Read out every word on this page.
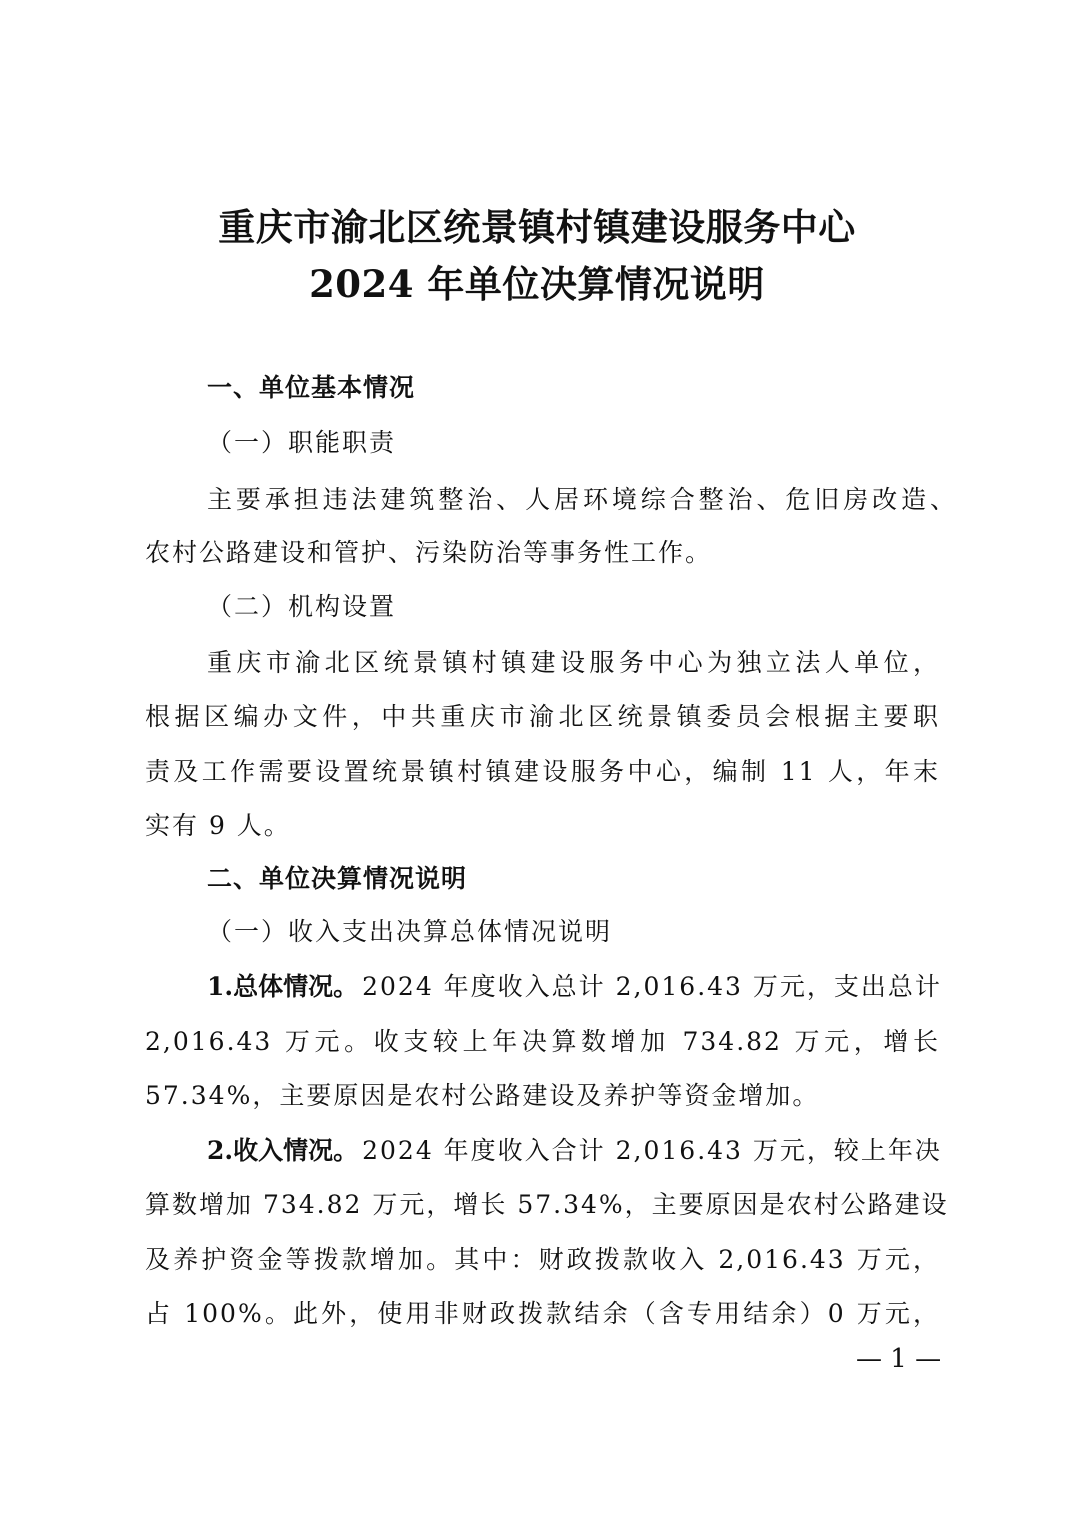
重庆市渝北区统景镇村镇建设服务中心
2024 年单位决算情况说明
一、单位基本情况
（一）职能职责
主要承担违法建筑整治、人居环境综合整治、危旧房改造、
农村公路建设和管护、污染防治等事务性工作。
（二）机构设置
重庆市渝北区统景镇村镇建设服务中心为独立法人单位，
根据区编办文件，中共重庆市渝北区统景镇委员会根据主要职
责及工作需要设置统景镇村镇建设服务中心，编制 11 人，年末
实有 9 人。
二、单位决算情况说明
（一）收入支出决算总体情况说明
1.总体情况。 2024 年度收入总计 2,016.43 万元，支出总计
2,016.43 万元。收支较上年决算数增加 734.82 万元，增长
57.34%，主要原因是农村公路建设及养护等资金增加。
2.收入情况。 2024 年度收入合计 2,016.43 万元，较上年决
算数增加 734.82 万元，增长 57.34%，主要原因是农村公路建设
及养护资金等拨款增加。其中：财政拨款收入 2,016.43 万元，
占 100%。此外，使用非财政拨款结余（含专用结余）0 万元，
— 1 —
